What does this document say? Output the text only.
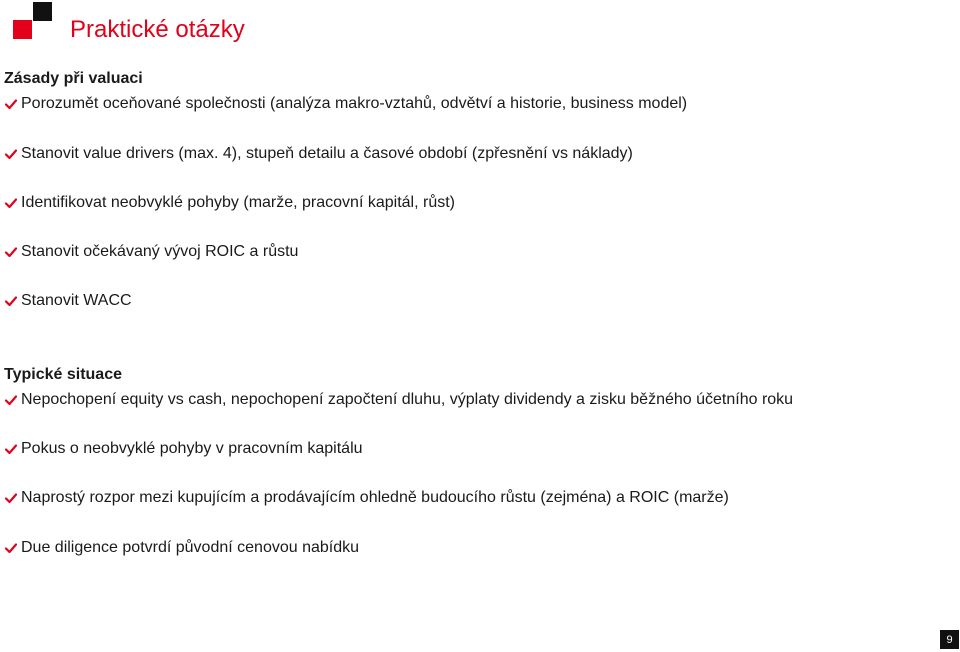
Praktické otázky
Zásady při valuaci
Porozumět oceňované společnosti (analýza makro-vztahů, odvětví a historie, business model)
Stanovit value drivers (max. 4), stupeň detailu a časové období (zpřesnění vs náklady)
Identifikovat neobvyklé pohyby (marže, pracovní kapitál, růst)
Stanovit očekávaný vývoj ROIC a růstu
Stanovit WACC
Typické situace
Nepochopení equity vs cash, nepochopení započtení dluhu, výplaty dividendy a zisku běžného účetního roku
Pokus o neobvyklé pohyby v pracovním kapitálu
Naprostý rozpor mezi kupujícím a prodávajícím ohledně budoucího růstu (zejména) a ROIC (marže)
Due diligence potvrdí původní cenovou nabídku
9
